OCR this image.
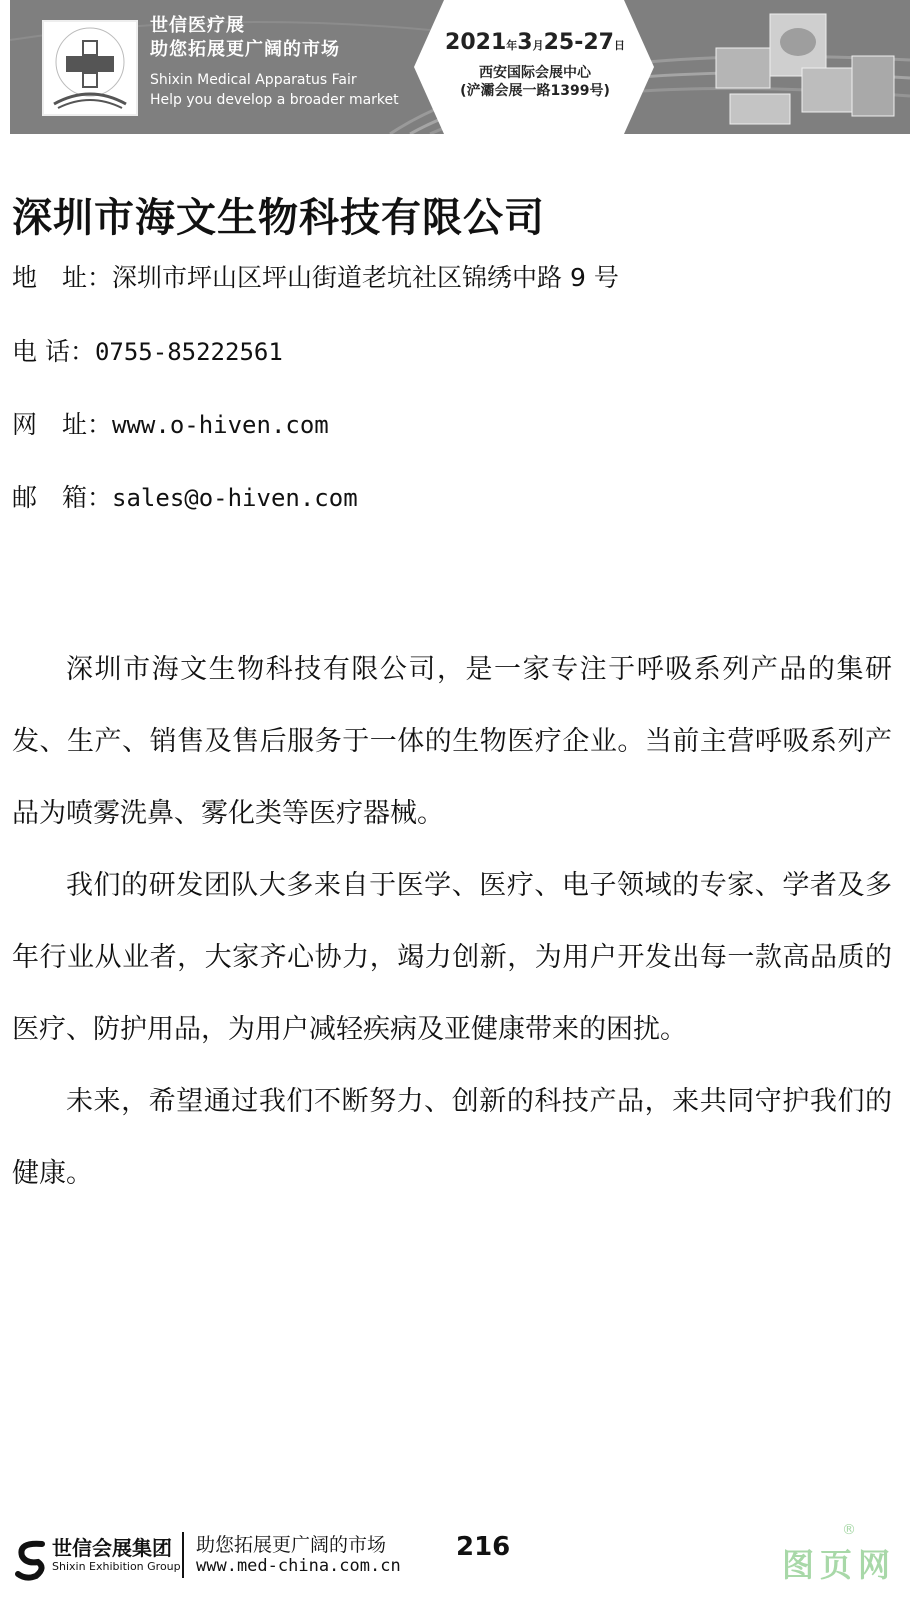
世信医疗展
助您拓展更广阔的市场
Shixin Medical Apparatus Fair
Help you develop a broader market
2021年3月25-27日
西安国际会展中心
(浐灞会展一路1399号)
深圳市海文生物科技有限公司
地　址：深圳市坪山区坪山街道老坑社区锦绣中路 9 号
电 话：0755-85222561
网　址：www.o-hiven.com
邮　箱：sales@o-hiven.com

深圳市海文生物科技有限公司，是一家专注于呼吸系列产品的集研发、生产、销售及售后服务于一体的生物医疗企业。当前主营呼吸系列产品为喷雾洗鼻、雾化类等医疗器械。

我们的研发团队大多来自于医学、医疗、电子领域的专家、学者及多年行业从业者，大家齐心协力，竭力创新，为用户开发出每一款高品质的医疗、防护用品，为用户减轻疾病及亚健康带来的困扰。

未来，希望通过我们不断努力、创新的科技产品，来共同守护我们的健康。

世信会展集团
Shixin Exhibition Group
助您拓展更广阔的市场
www.med-china.com.cn
216	图页网
®
